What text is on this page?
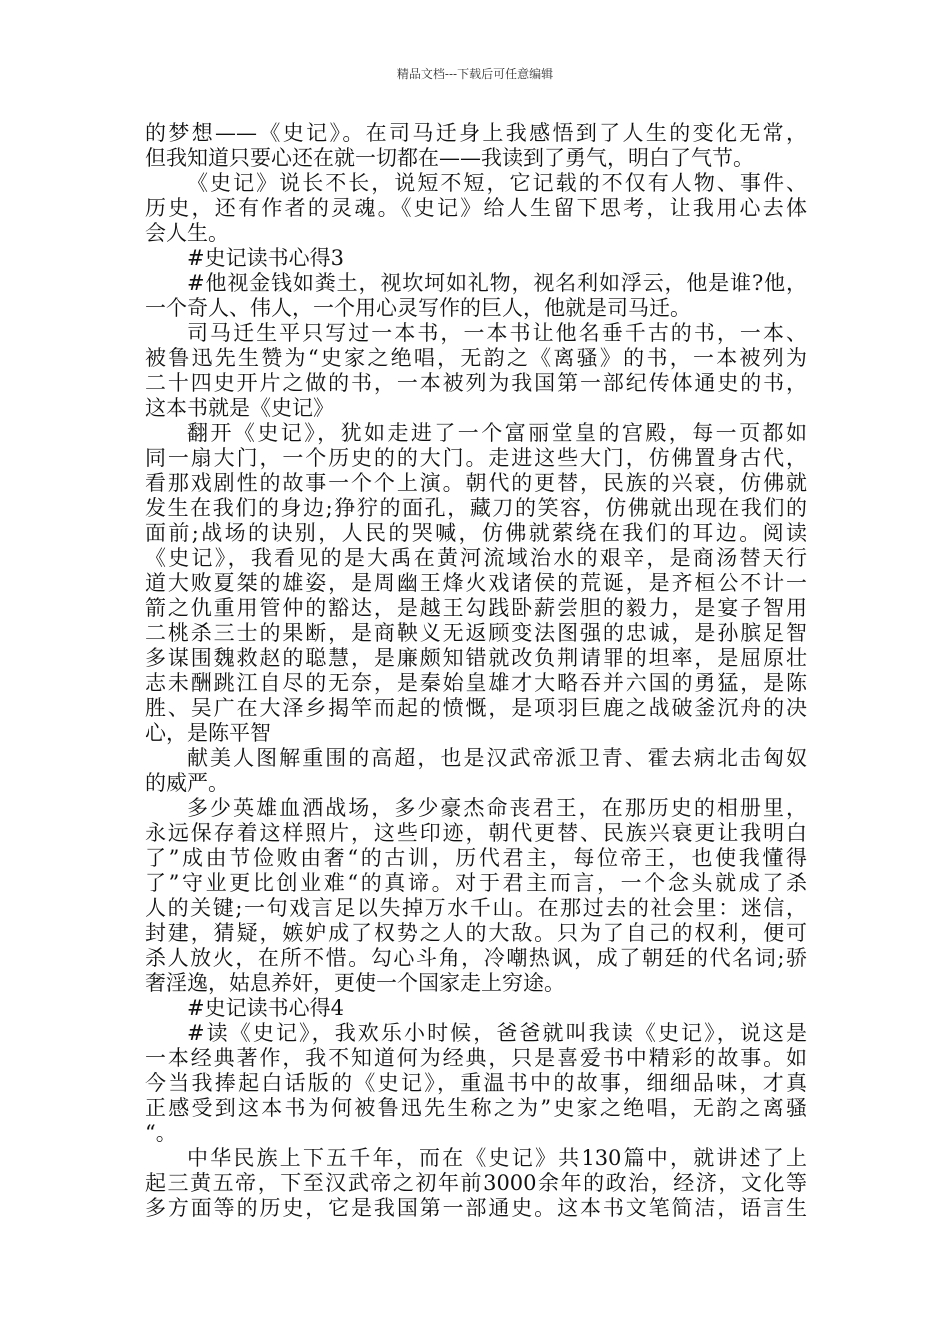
精品文档---下载后可任意编辑
的梦想——《史记》。在司马迁身上我感悟到了人生的变化无常，
但我知道只要心还在就一切都在——我读到了勇气，明白了气节。
《史记》说长不长，说短不短，它记载的不仅有人物、事件、
历史，还有作者的灵魂。《史记》给人生留下思考，让我用心去体
会人生。
#史记读书心得3
#他视金钱如粪土，视坎坷如礼物，视名利如浮云，他是谁?他，
一个奇人、伟人，一个用心灵写作的巨人，他就是司马迁。
司马迁生平只写过一本书，一本书让他名垂千古的书，一本、
被鲁迅先生赞为“史家之绝唱，无韵之《离骚》的书，一本被列为
二十四史开片之做的书，一本被列为我国第一部纪传体通史的书，
这本书就是《史记》
翻开《史记》，犹如走进了一个富丽堂皇的宫殿，每一页都如
同一扇大门，一个历史的的大门。走进这些大门，仿佛置身古代，
看那戏剧性的故事一个个上演。朝代的更替，民族的兴衰，仿佛就
发生在我们的身边;狰狞的面孔，藏刀的笑容，仿佛就出现在我们的
面前;战场的诀别，人民的哭喊，仿佛就萦绕在我们的耳边。阅读
《史记》，我看见的是大禹在黄河流域治水的艰辛，是商汤替天行
道大败夏桀的雄姿，是周幽王烽火戏诸侯的荒诞，是齐桓公不计一
箭之仇重用管仲的豁达，是越王勾践卧薪尝胆的毅力，是宴子智用
二桃杀三士的果断，是商鞅义无返顾变法图强的忠诚，是孙膑足智
多谋围魏救赵的聪慧，是廉颇知错就改负荆请罪的坦率，是屈原壮
志未酬跳江自尽的无奈，是秦始皇雄才大略吞并六国的勇猛，是陈
胜、吴广在大泽乡揭竿而起的愤慨，是项羽巨鹿之战破釜沉舟的决
心，是陈平智
献美人图解重围的高超，也是汉武帝派卫青、霍去病北击匈奴
的威严。
多少英雄血洒战场，多少豪杰命丧君王，在那历史的相册里，
永远保存着这样照片，这些印迹，朝代更替、民族兴衰更让我明白
了”成由节俭败由奢“的古训，历代君主，每位帝王，也使我懂得
了”守业更比创业难“的真谛。对于君主而言，一个念头就成了杀
人的关键;一句戏言足以失掉万水千山。在那过去的社会里：迷信，
封建，猜疑，嫉妒成了权势之人的大敌。只为了自己的权利，便可
杀人放火，在所不惜。勾心斗角，冷嘲热讽，成了朝廷的代名词;骄
奢淫逸，姑息养奸，更使一个国家走上穷途。
#史记读书心得4
#读《史记》，我欢乐小时候，爸爸就叫我读《史记》，说这是
一本经典著作，我不知道何为经典，只是喜爱书中精彩的故事。如
今当我捧起白话版的《史记》，重温书中的故事，细细品味，才真
正感受到这本书为何被鲁迅先生称之为”史家之绝唱，无韵之离骚
“。
中华民族上下五千年，而在《史记》共130篇中，就讲述了上
起三黄五帝，下至汉武帝之初年前3000余年的政治，经济，文化等
多方面等的历史，它是我国第一部通史。这本书文笔简洁，语言生
